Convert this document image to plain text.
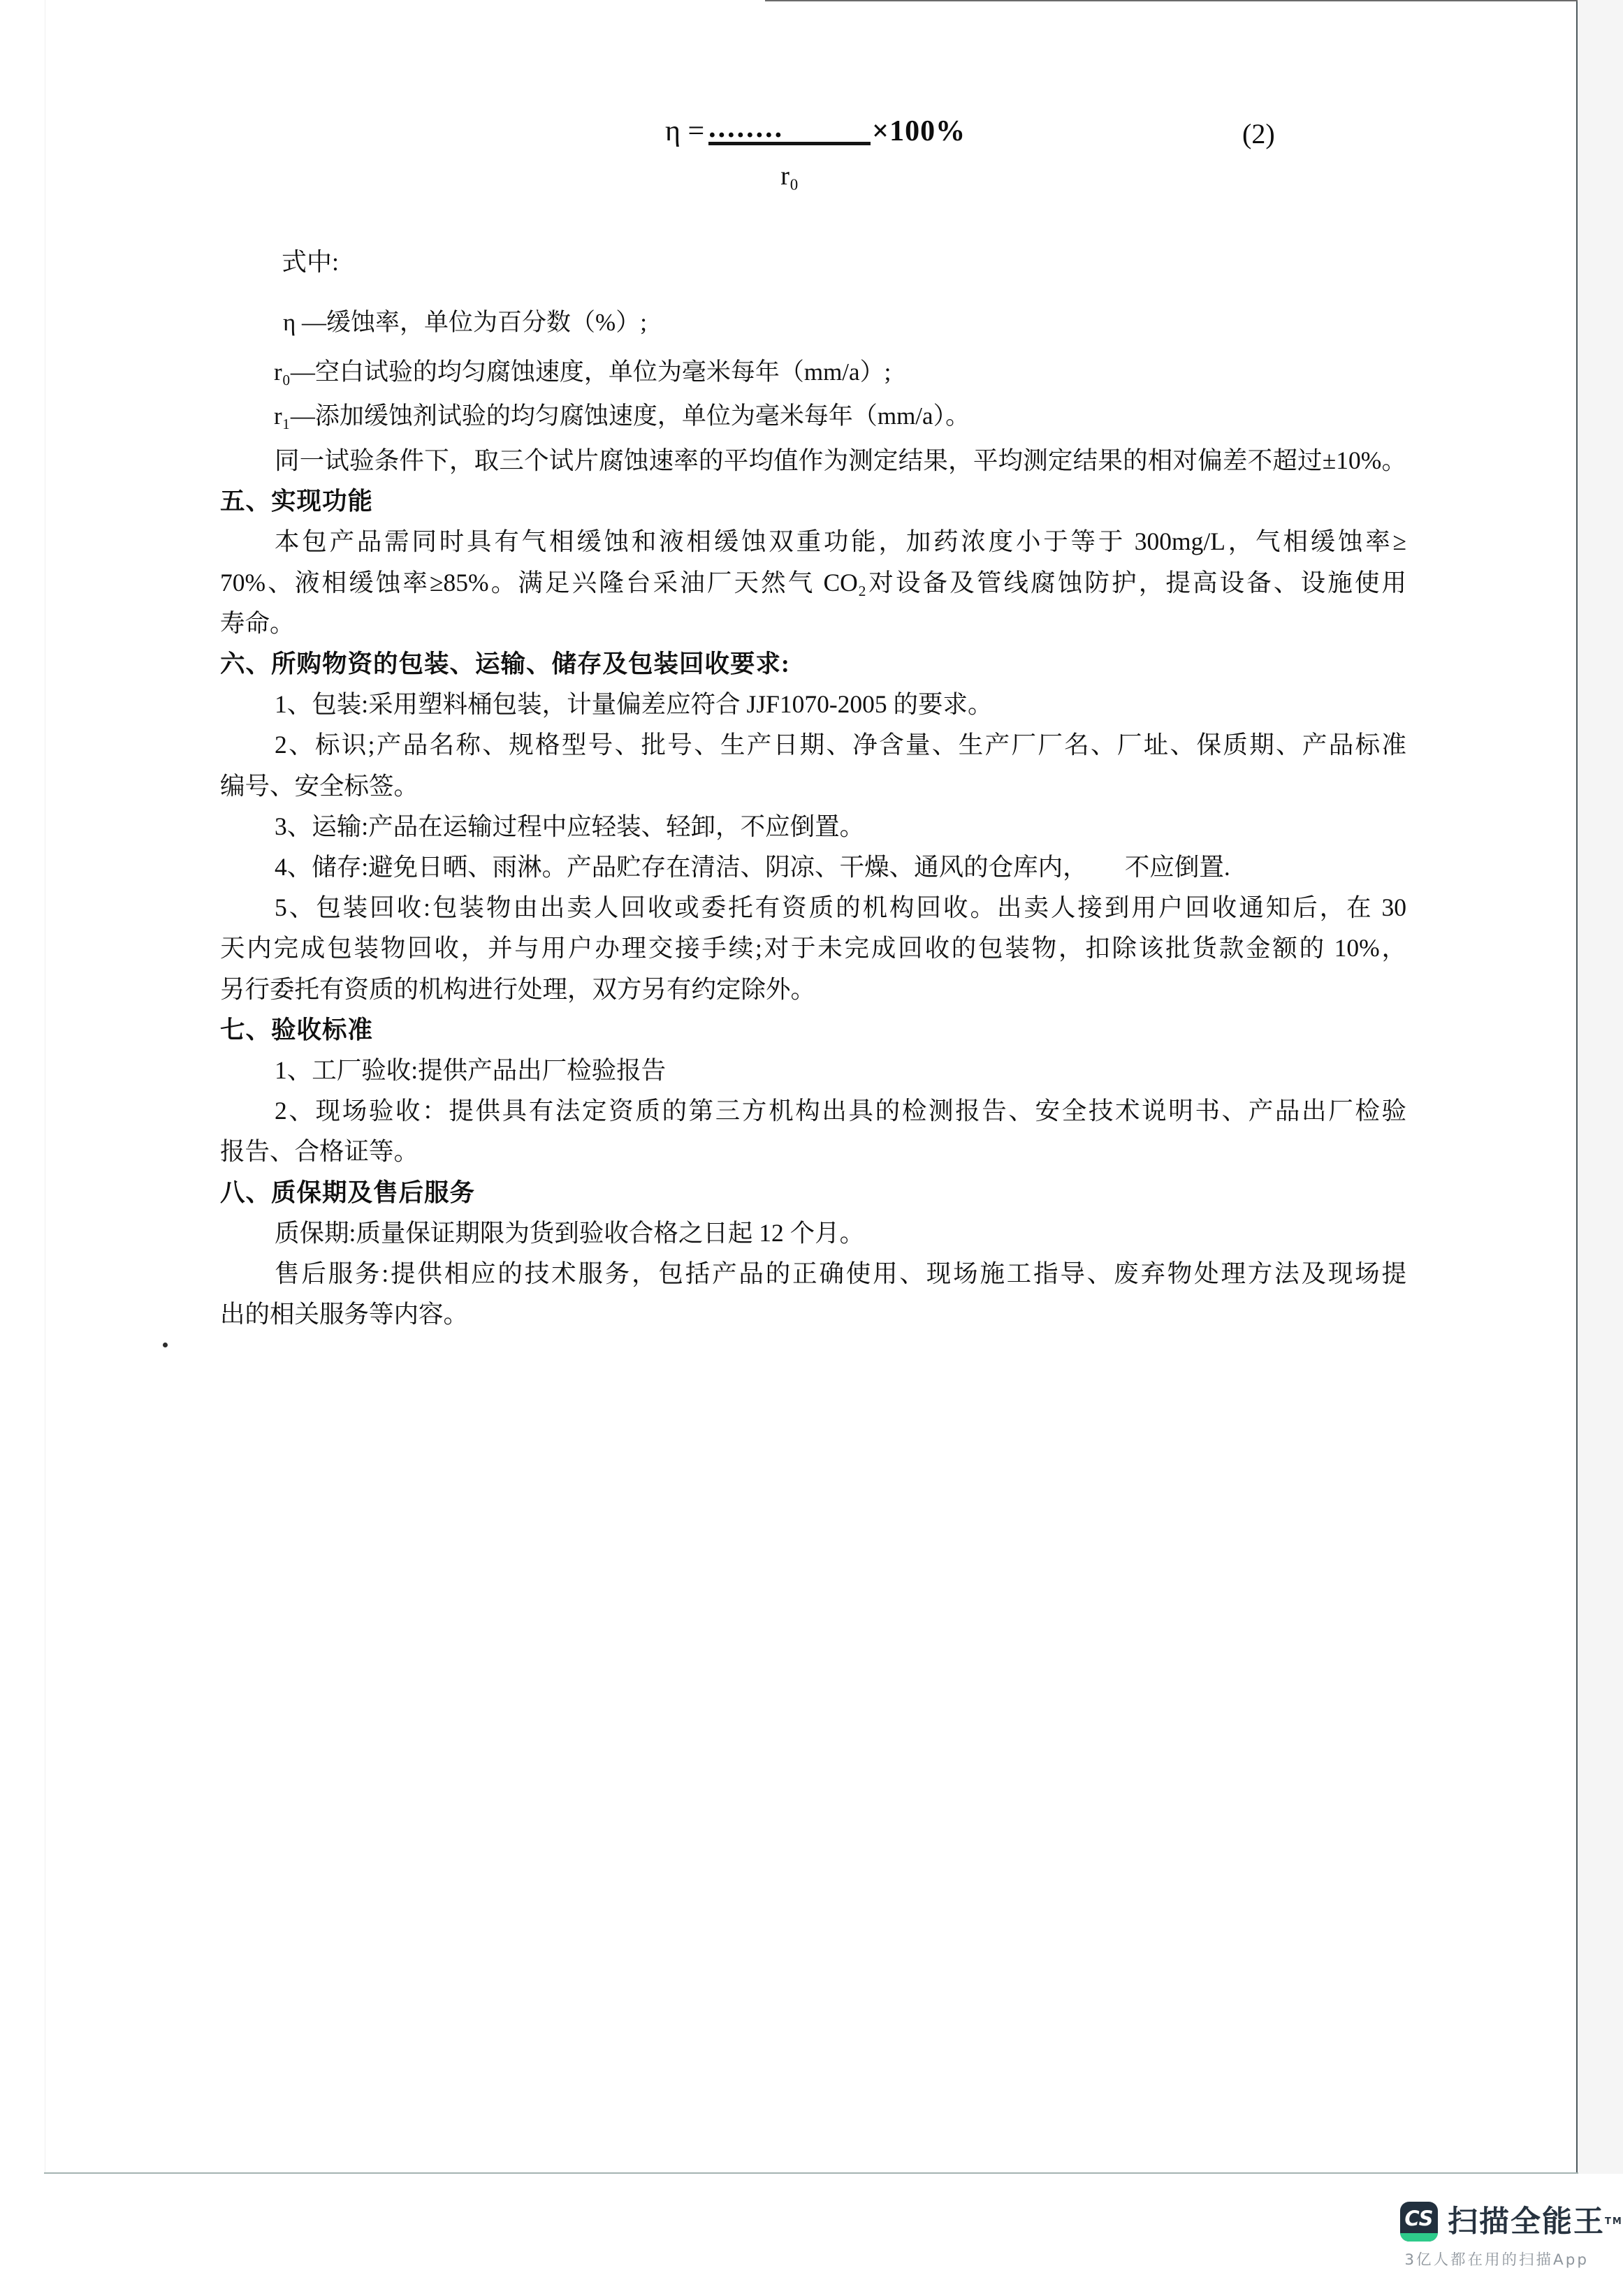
$\eta = \frac{........}{\text{r₀}} \times 100\%$	(2)
式中:
η —缓蚀率，单位为百分数（%）;
r₀—空白试验的均匀腐蚀速度，单位为毫米每年（mm/a）;
r₁—添加缓蚀剂试验的均匀腐蚀速度，单位为毫米每年（mm/a）。
同一试验条件下，取三个试片腐蚀速率的平均值作为测定结果，平均测定结果的相对偏差不超过±10%。
五、实现功能
本包产品需同时具有气相缓蚀和液相缓蚀双重功能，加药浓度小于等于 300mg/L，气相缓蚀率≥
70%、液相缓蚀率≥85%。满足兴隆台采油厂天然气 CO₂对设备及管线腐蚀防护，提高设备、设施使用
寿命。
六、所购物资的包装、运输、储存及包装回收要求:
1、包装:采用塑料桶包装，计量偏差应符合 JJF1070-2005 的要求。
2、标识;产品名称、规格型号、批号、生产日期、净含量、生产厂厂名、厂址、保质期、产品标准
编号、安全标签。
3、运输:产品在运输过程中应轻装、轻卸，不应倒置。
4、储存:避免日晒、雨淋。产品贮存在清洁、阴凉、干燥、通风的仓库内，      不应倒置.
5、包装回收:包装物由出卖人回收或委托有资质的机构回收。出卖人接到用户回收通知后，在 30
天内完成包装物回收，并与用户办理交接手续;对于未完成回收的包装物，扣除该批货款金额的 10%，
另行委托有资质的机构进行处理，双方另有约定除外。
七、验收标准
1、工厂验收:提供产品出厂检验报告
2、现场验收：提供具有法定资质的第三方机构出具的检测报告、安全技术说明书、产品出厂检验
报告、合格证等。
八、质保期及售后服务
质保期:质量保证期限为货到验收合格之日起 12 个月。
售后服务:提供相应的技术服务，包括产品的正确使用、现场施工指导、废弃物处理方法及现场提
出的相关服务等内容。
CS 扫描全能王™
3亿人都在用的扫描App
